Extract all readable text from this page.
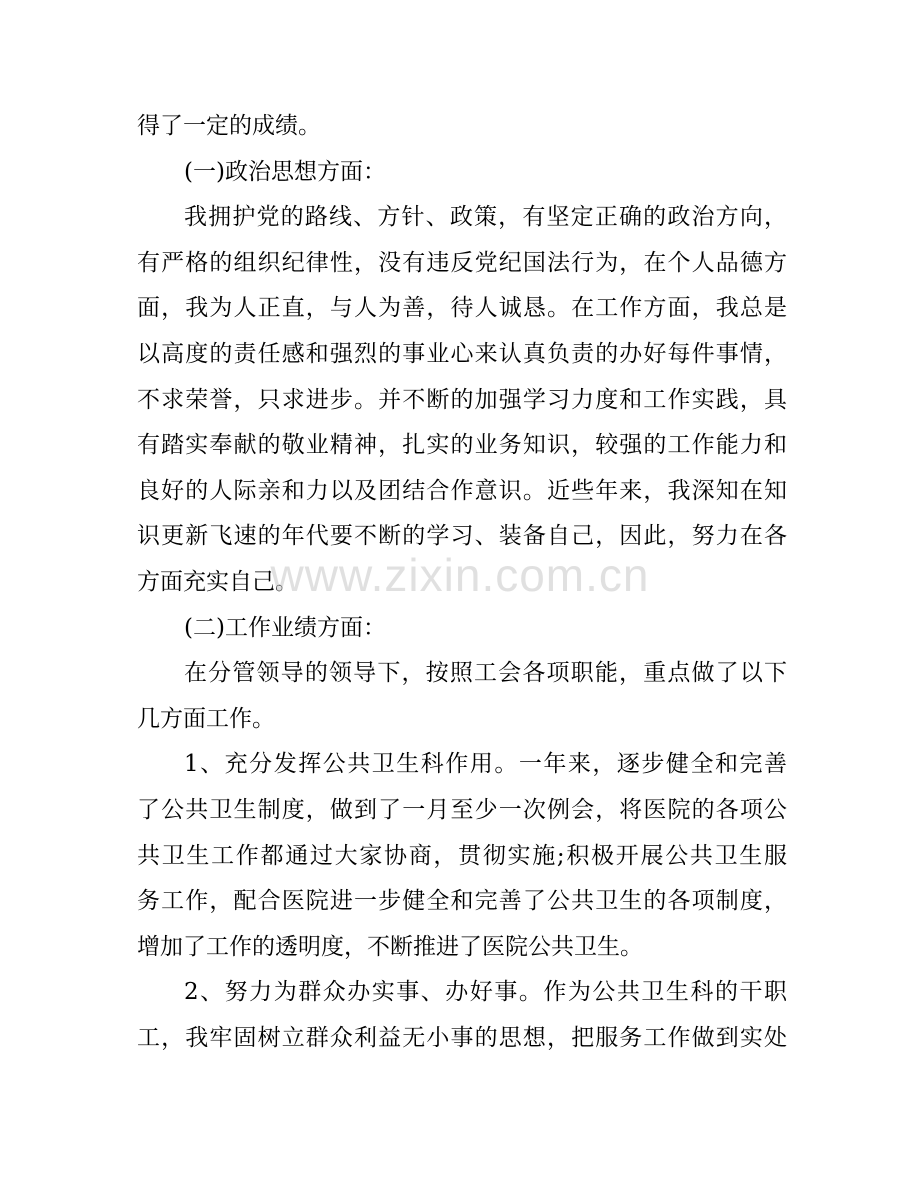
得了一定的成绩。
(一)政治思想方面：
我拥护党的路线、方针、政策，有坚定正确的政治方向，
有严格的组织纪律性，没有违反党纪国法行为，在个人品德方
面，我为人正直，与人为善，待人诚恳。在工作方面，我总是
以高度的责任感和强烈的事业心来认真负责的办好每件事情，
不求荣誉，只求进步。并不断的加强学习力度和工作实践，具
有踏实奉献的敬业精神，扎实的业务知识，较强的工作能力和
良好的人际亲和力以及团结合作意识。近些年来，我深知在知
识更新飞速的年代要不断的学习、装备自己，因此，努力在各
方面充实自己。
(二)工作业绩方面：
在分管领导的领导下，按照工会各项职能，重点做了以下
几方面工作。
1、充分发挥公共卫生科作用。一年来，逐步健全和完善
了公共卫生制度，做到了一月至少一次例会，将医院的各项公
共卫生工作都通过大家协商，贯彻实施;积极开展公共卫生服
务工作，配合医院进一步健全和完善了公共卫生的各项制度，
增加了工作的透明度，不断推进了医院公共卫生。
2、努力为群众办实事、办好事。作为公共卫生科的干职
工，我牢固树立群众利益无小事的思想，把服务工作做到实处
www.zixin.com.cn
